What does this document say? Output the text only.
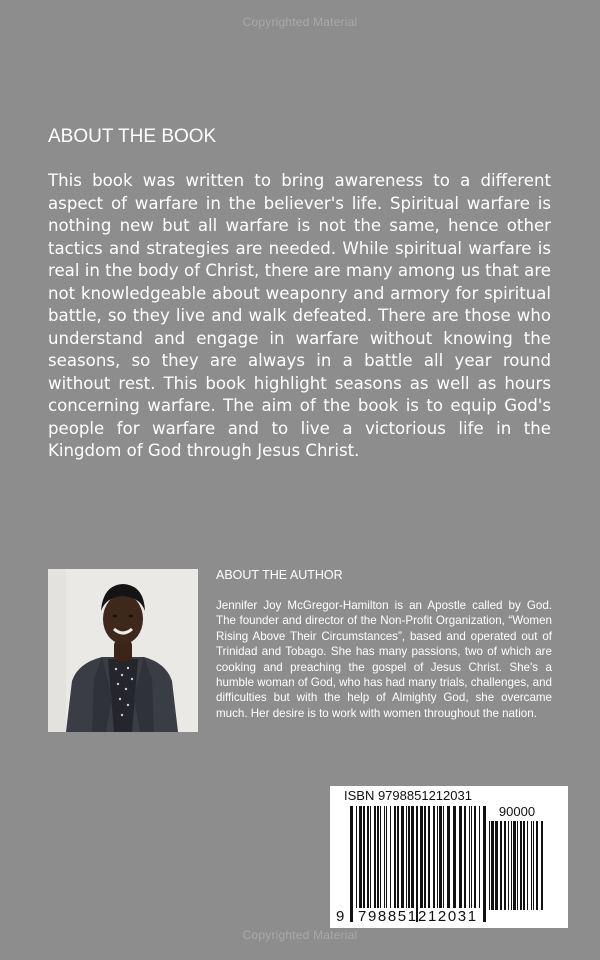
Copyrighted Material
ABOUT THE BOOK

This book was written to bring awareness to a different aspect of warfare in the believer's life. Spiritual warfare is nothing new but all warfare is not the same, hence other tactics and strategies are needed. While spiritual warfare is real in the body of Christ, there are many among us that are not knowledgeable about weaponry and armory for spiritual battle, so they live and walk defeated. There are those who understand and engage in warfare without knowing the seasons, so they are always in a battle all year round without rest. This book highlight seasons as well as hours concerning warfare. The aim of the book is to equip God's people for warfare and to live a victorious life in the Kingdom of God through Jesus Christ.

ABOUT THE AUTHOR

Jennifer Joy McGregor-Hamilton is an Apostle called by God. The founder and director of the Non-Profit Organization, “Women Rising Above Their Circumstances”, based and operated out of Trinidad and Tobago. She has many passions, two of which are cooking and preaching the gospel of Jesus Christ. She's a humble woman of God, who has had many trials, challenges, and difficulties but with the help of Almighty God, she overcame much. Her desire is to work with women throughout the nation.

ISBN 9798851212031
90000
9 798851 212031
Copyrighted Material
